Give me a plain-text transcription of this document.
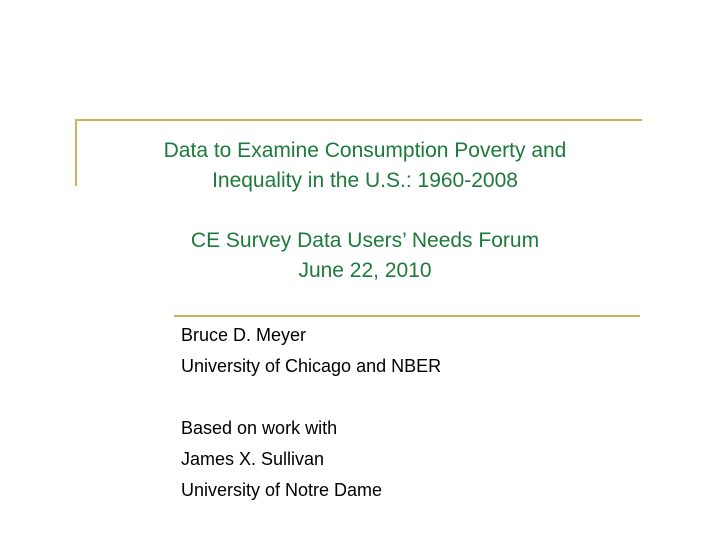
Data to Examine Consumption Poverty and
Inequality in the U.S.: 1960-2008
CE Survey Data Users’ Needs Forum
June 22, 2010
Bruce D. Meyer
University of Chicago and NBER
Based on work with
James X. Sullivan
University of Notre Dame
